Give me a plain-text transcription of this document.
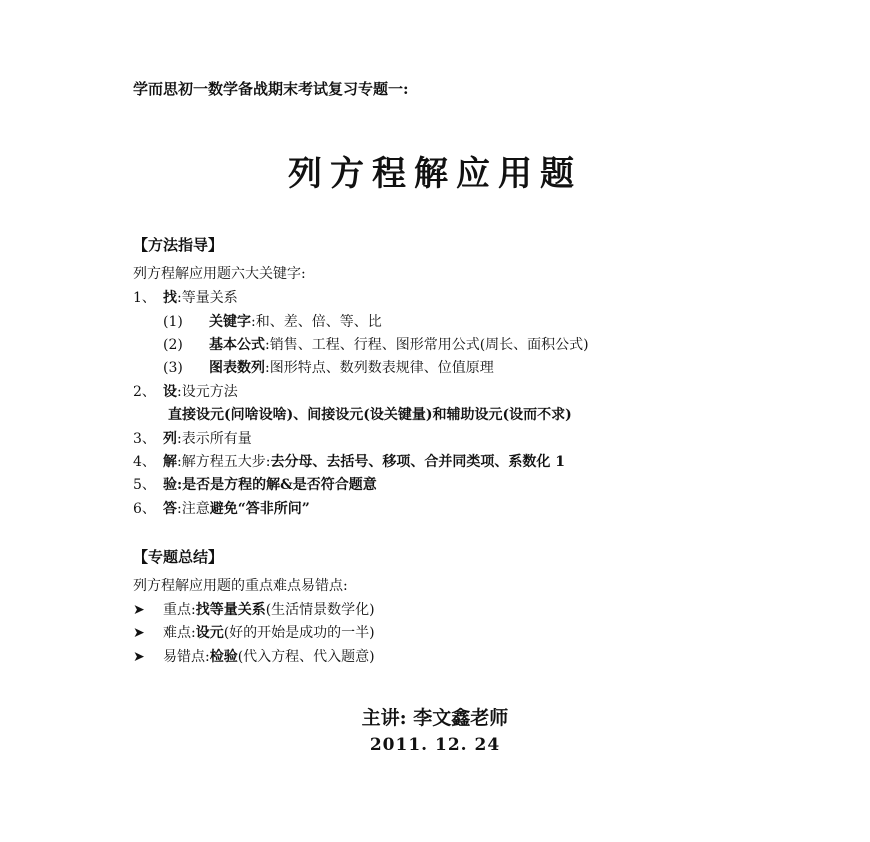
学而思初一数学备战期末考试复习专题一:
列方程解应用题
【方法指导】
列方程解应用题六大关键字:
1、 找:等量关系
(1) 关键字:和、差、倍、等、比
(2) 基本公式:销售、工程、行程、图形常用公式(周长、面积公式)
(3) 图表数列:图形特点、数列数表规律、位值原理
2、 设:设元方法
直接设元(问啥设啥)、间接设元(设关键量)和辅助设元(设而不求)
3、 列:表示所有量
4、 解:解方程五大步:去分母、去括号、移项、合并同类项、系数化 1
5、 验:是否是方程的解&是否符合题意
6、 答:注意避免“答非所问”
【专题总结】
列方程解应用题的重点难点易错点:
➤ 重点:找等量关系(生活情景数学化)
➤ 难点:设元(好的开始是成功的一半)
➤ 易错点:检验(代入方程、代入题意)
主讲: 李文鑫老师
2011. 12. 24
